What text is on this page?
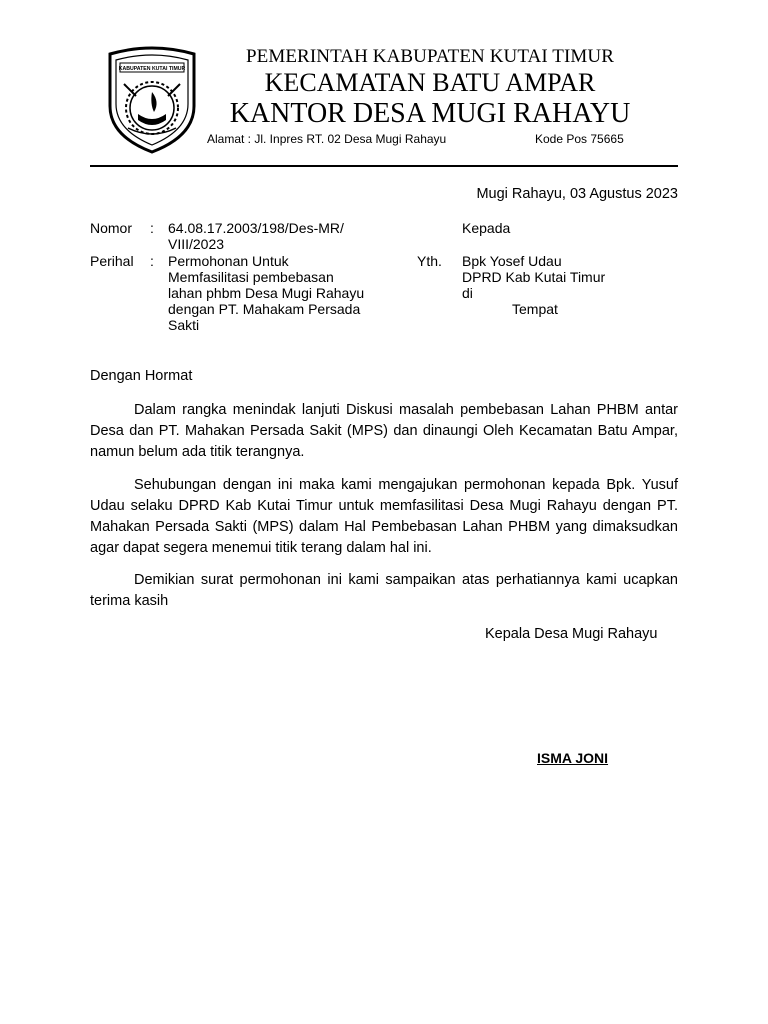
KABUPATEN KUTAI TIMUR
PEMERINTAH KABUPATEN KUTAI TIMUR
KECAMATAN BATU AMPAR
KANTOR DESA MUGI RAHAYU
Alamat : Jl. Inpres RT. 02 Desa Mugi Rahayu	Kode Pos 75665
Mugi Rahayu, 03 Agustus 2023
Nomor : 64.08.17.2003/198/Des-MR/
VIII/2023
Perihal : Permohonan Untuk
Memfasilitasi pembebasan
lahan phbm Desa Mugi Rahayu
dengan PT. Mahakam Persada
Sakti
Kepada
Yth. Bpk Yosef Udau
DPRD Kab Kutai Timur
di
Tempat
Dengan Hormat
Dalam rangka menindak lanjuti Diskusi masalah pembebasan Lahan PHBM antar Desa dan PT. Mahakan Persada Sakit (MPS) dan dinaungi Oleh Kecamatan Batu Ampar, namun belum ada titik terangnya.
Sehubungan dengan ini maka kami mengajukan permohonan kepada Bpk. Yusuf Udau selaku DPRD Kab Kutai Timur untuk memfasilitasi Desa Mugi Rahayu dengan PT. Mahakan Persada Sakti (MPS) dalam Hal Pembebasan Lahan PHBM yang dimaksudkan agar dapat segera menemui titik terang dalam hal ini.
Demikian surat permohonan ini kami sampaikan atas perhatiannya kami ucapkan terima kasih
Kepala Desa Mugi Rahayu
ISMA JONI
